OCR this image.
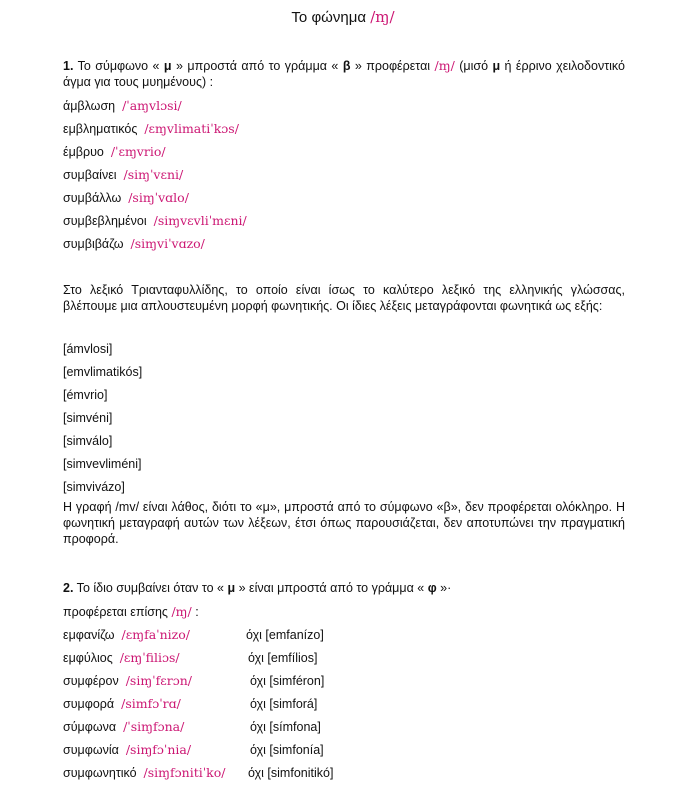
Το φώνημα /ɱ/
1. Το σύμφωνο « μ » μπροστά από το γράμμα « β » προφέρεται /ɱ/ (μισό μ ή έρρινο χειλοδοντικό άγμα για τους μυημένους) :
άμβλωση /ˈaɱvlɔsi/
εμβληματικός /ɛɱvlimatiˈkɔs/
έμβρυο /ˈɛɱvrio/
συμβαίνει /siɱˈvɛni/
συμβάλλω /siɱˈvɑlo/
συμβεβλημένοι /siɱvɛvliˈmɛni/
συμβιβάζω /siɱviˈvɑzo/
Στο λεξικό Τριανταφυλλίδης, το οποίο είναι ίσως το καλύτερο λεξικό της ελληνικής γλώσσας, βλέπουμε μια απλουστευμένη μορφή φωνητικής. Οι ίδιες λέξεις μεταγράφονται φωνητικά ως εξής:
[ámvlosi]
[emvlimatikós]
[émvrio]
[simvéni]
[simválo]
[simvevliméni]
[simvivázo]
Η γραφή /mv/ είναι λάθος, διότι το «μ», μπροστά από το σύμφωνο «β», δεν προφέρεται ολόκληρο. Η φωνητική μεταγραφή αυτών των λέξεων, έτσι όπως παρουσιάζεται, δεν αποτυπώνει την πραγματική προφορά.
2. Το ίδιο συμβαίνει όταν το « μ » είναι μπροστά από το γράμμα « φ »·
προφέρεται επίσης /ɱ/ :
εμφανίζω /ɛɱfaˈnizo/	όχι [emfanízo]
εμφύλιος /ɛɱˈfiliɔs/	όχι [emfílios]
συμφέρον /siɱˈfɛrɔn/	όχι [simféron]
συμφορά /simfɔˈrɑ/	όχι [simforá]
σύμφωνα /ˈsiɱfɔna/	όχι [símfona]
συμφωνία /siɱfɔˈnia/	όχι [simfonía]
συμφωνητικό /siɱfɔnitiˈko/ όχι [simfonitikó]
